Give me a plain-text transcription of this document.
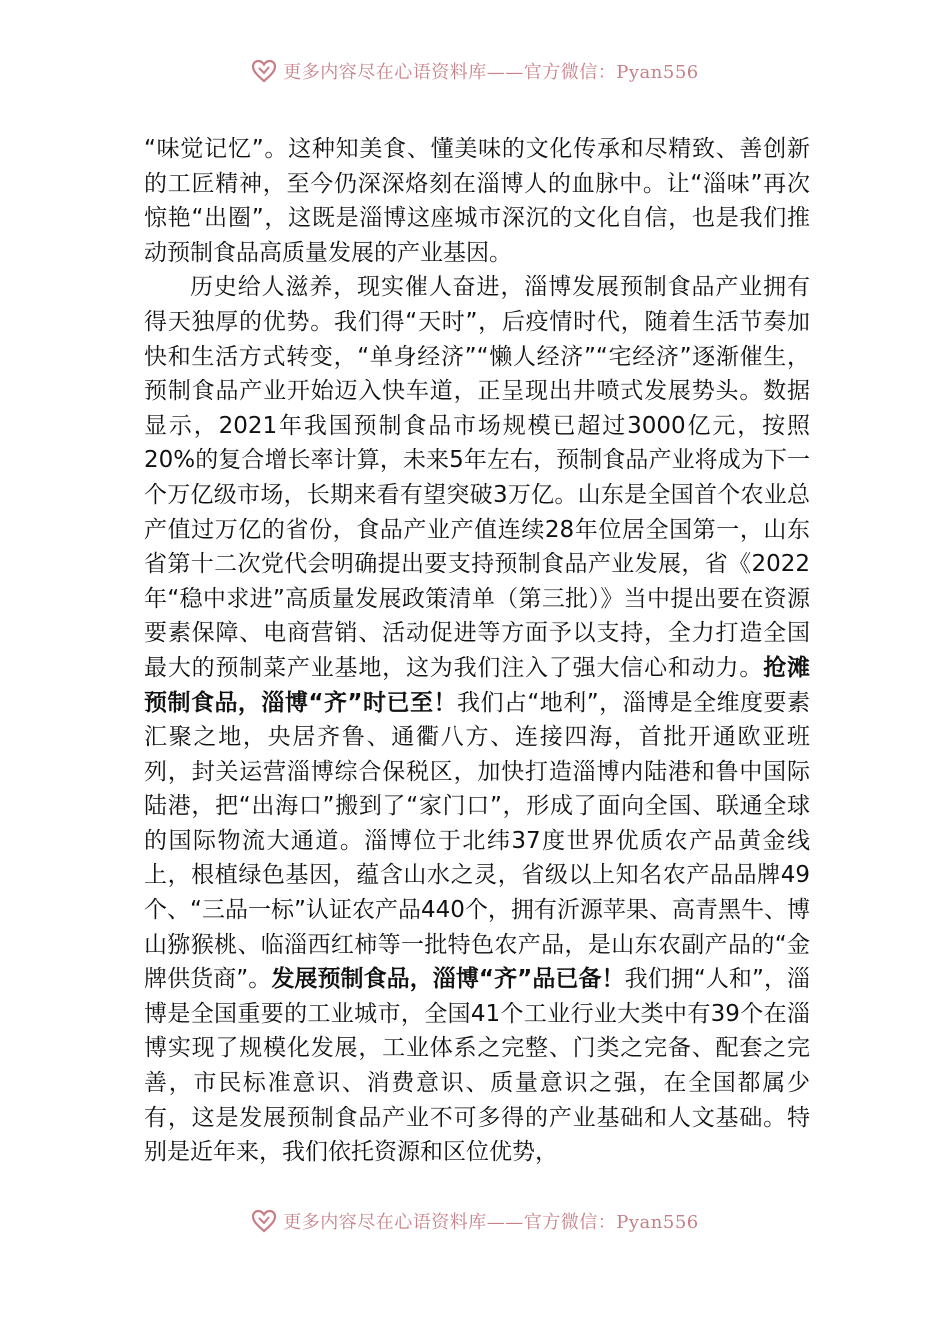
更多内容尽在心语资料库——官方微信：Pyan556

“味觉记忆”。这种知美食、懂美味的文化传承和尽精致、善创新的工匠精神，至今仍深深烙刻在淄博人的血脉中。让“淄味”再次惊艳“出圈”，这既是淄博这座城市深沉的文化自信，也是我们推动预制食品高质量发展的产业基因。

历史给人滋养，现实催人奋进，淄博发展预制食品产业拥有得天独厚的优势。我们得“天时”，后疫情时代，随着生活节奏加快和生活方式转变，“单身经济”“懒人经济”“宅经济”逐渐催生，预制食品产业开始迈入快车道，正呈现出井喷式发展势头。数据显示，2021年我国预制食品市场规模已超过3000亿元，按照20%的复合增长率计算，未来5年左右，预制食品产业将成为下一个万亿级市场，长期来看有望突破3万亿。山东是全国首个农业总产值过万亿的省份，食品产业产值连续28年位居全国第一，山东省第十二次党代会明确提出要支持预制食品产业发展，省《2022年“稳中求进”高质量发展政策清单（第三批）》当中提出要在资源要素保障、电商营销、活动促进等方面予以支持，全力打造全国最大的预制菜产业基地，这为我们注入了强大信心和动力。抢滩预制食品，淄博“齐”时已至！我们占“地利”，淄博是全维度要素汇聚之地，央居齐鲁、通衢八方、连接四海，首批开通欧亚班列，封关运营淄博综合保税区，加快打造淄博内陆港和鲁中国际陆港，把“出海口”搬到了“家门口”，形成了面向全国、联通全球的国际物流大通道。淄博位于北纬37度世界优质农产品黄金线上，根植绿色基因，蕴含山水之灵，省级以上知名农产品品牌49个、“三品一标”认证农产品440个，拥有沂源苹果、高青黑牛、博山猕猴桃、临淄西红柿等一批特色农产品，是山东农副产品的“金牌供货商”。发展预制食品，淄博“齐”品已备！我们拥“人和”，淄博是全国重要的工业城市，全国41个工业行业大类中有39个在淄博实现了规模化发展，工业体系之完整、门类之完备、配套之完善，市民标准意识、消费意识、质量意识之强，在全国都属少有，这是发展预制食品产业不可多得的产业基础和人文基础。特别是近年来，我们依托资源和区位优势，

更多内容尽在心语资料库——官方微信：Pyan556
